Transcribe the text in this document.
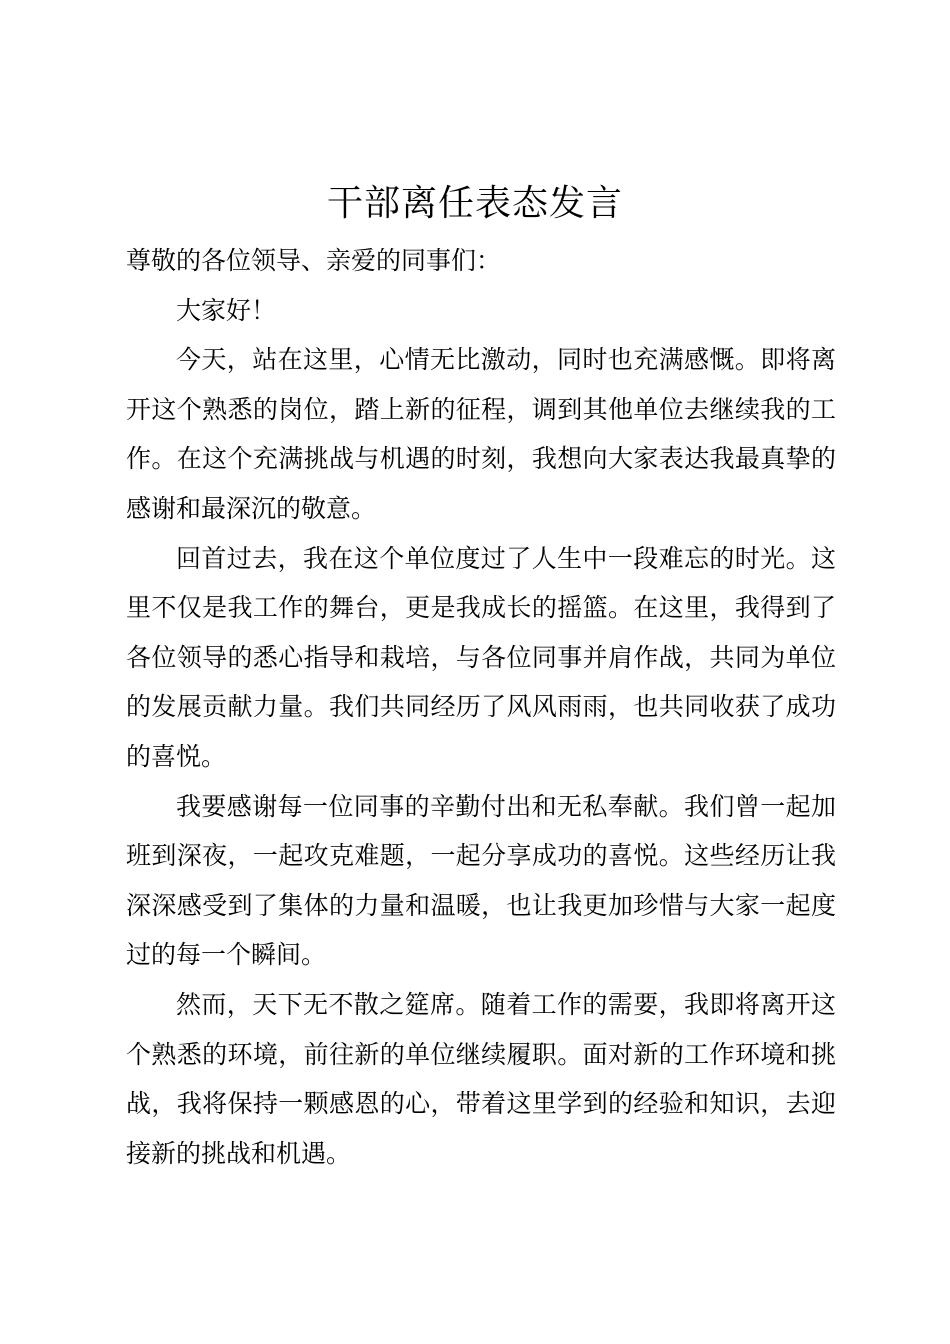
干部离任表态发言

尊敬的各位领导、亲爱的同事们：

大家好！

今天，站在这里，心情无比激动，同时也充满感慨。即将离开这个熟悉的岗位，踏上新的征程，调到其他单位去继续我的工作。在这个充满挑战与机遇的时刻，我想向大家表达我最真挚的感谢和最深沉的敬意。

回首过去，我在这个单位度过了人生中一段难忘的时光。这里不仅是我工作的舞台，更是我成长的摇篮。在这里，我得到了各位领导的悉心指导和栽培，与各位同事并肩作战，共同为单位的发展贡献力量。我们共同经历了风风雨雨，也共同收获了成功的喜悦。

我要感谢每一位同事的辛勤付出和无私奉献。我们曾一起加班到深夜，一起攻克难题，一起分享成功的喜悦。这些经历让我深深感受到了集体的力量和温暖，也让我更加珍惜与大家一起度过的每一个瞬间。

然而，天下无不散之筵席。随着工作的需要，我即将离开这个熟悉的环境，前往新的单位继续履职。面对新的工作环境和挑战，我将保持一颗感恩的心，带着这里学到的经验和知识，去迎接新的挑战和机遇。
